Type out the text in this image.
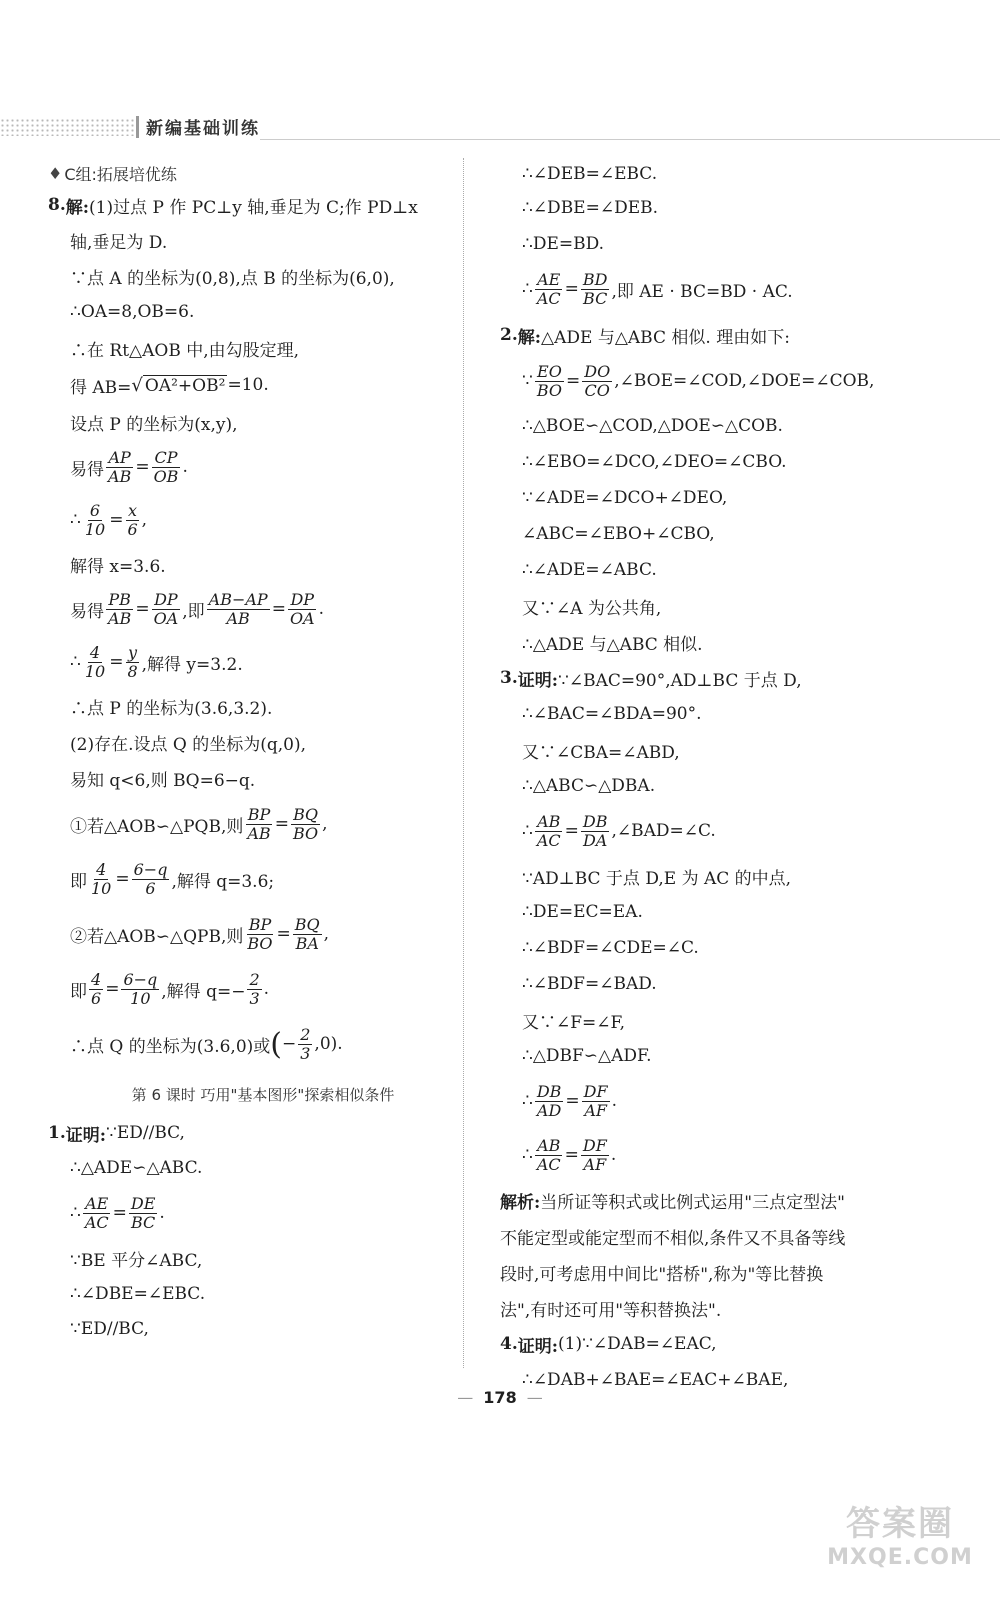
新编基础训练
♦ C组:拓展培优练
8. 解: (1)过点 P 作 PC⊥y 轴,垂足为 C;作 PD⊥x
轴,垂足为 D.
∵点 A 的坐标为(0,8),点 B 的坐标为(6,0),
∴OA=8,OB=6.
∴在 Rt△AOB 中,由勾股定理,
得 AB= √ OA²+OB² =10.
设点 P 的坐标为(x,y),
易得 $\frac{AP}{AB} = \frac{CP}{OB}$ .
∴ $\frac{6}{10} = \frac{x}{6}$ ,
解得 x=3.6.
易得 $\frac{PB}{AB} = \frac{DP}{OA}$ ,即 $\frac{AB-AP}{AB} = \frac{DP}{OA}$ .
∴ $\frac{4}{10} = \frac{y}{8}$ ,解得 y=3.2.
∴点 P 的坐标为(3.6,3.2).
(2)存在.设点 Q 的坐标为(q,0),
易知 q<6,则 BQ=6−q.
①若△AOB∽△PQB,则 $\frac{BP}{AB} = \frac{BQ}{BO}$ ,
即 $\frac{4}{10} = \frac{6-q}{6}$ ,解得 q=3.6;
②若△AOB∽△QPB,则 $\frac{BP}{BO} = \frac{BQ}{BA}$ ,
即 $\frac{4}{6} = \frac{6-q}{10}$ ,解得 $q=- \frac{2}{3}$ .
∴点 Q 的坐标为(3.6,0)或 ( − $\frac{2}{3} ,0$).
第 6 课时 巧用"基本图形"探索相似条件
1. 证明: ∵ED//BC,
∴△ADE∽△ABC.
∴ $\frac{AE}{AC} = \frac{DE}{BC}$ .
∵BE 平分∠ABC,
∴∠DBE=∠EBC.
∵ED//BC,
∴∠DEB=∠EBC.
∴∠DBE=∠DEB.
∴DE=BD.
∴ $\frac{AE}{AC} = \frac{BD}{BC}$ ,即 AE · BC=BD · AC.
2. 解: △ADE 与△ABC 相似. 理由如下:
∵ $\frac{EO}{BO} = \frac{DO}{CO}$ ,∠BOE=∠COD,∠DOE=∠COB,
∴△BOE∽△COD,△DOE∽△COB.
∴∠EBO=∠DCO,∠DEO=∠CBO.
∵∠ADE=∠DCO+∠DEO,
∠ABC=∠EBO+∠CBO,
∴∠ADE=∠ABC.
又∵∠A 为公共角,
∴△ADE 与△ABC 相似.
3. 证明: ∵∠BAC=90°,AD⊥BC 于点 D,
∴∠BAC=∠BDA=90°.
又∵∠CBA=∠ABD,
∴△ABC∽△DBA.
∴ $\frac{AB}{AC} = \frac{DB}{DA}$ ,∠BAD=∠C.
∵AD⊥BC 于点 D,E 为 AC 的中点,
∴DE=EC=EA.
∴∠BDF=∠CDE=∠C.
∴∠BDF=∠BAD.
又∵∠F=∠F,
∴△DBF∽△ADF.
∴ $\frac{DB}{AD} = \frac{DF}{AF}$ .
∴ $\frac{AB}{AC} = \frac{DF}{AF}$ .
解析: 当所证等积式或比例式运用"三点定型法"
不能定型或能定型而不相似,条件又不具备等线
段时,可考虑用中间比"搭桥",称为"等比替换
法",有时还可用"等积替换法".
4. 证明: (1)∵∠DAB=∠EAC,
∴∠DAB+∠BAE=∠EAC+∠BAE,
— 178 —
答案圈
MXQE.COM
